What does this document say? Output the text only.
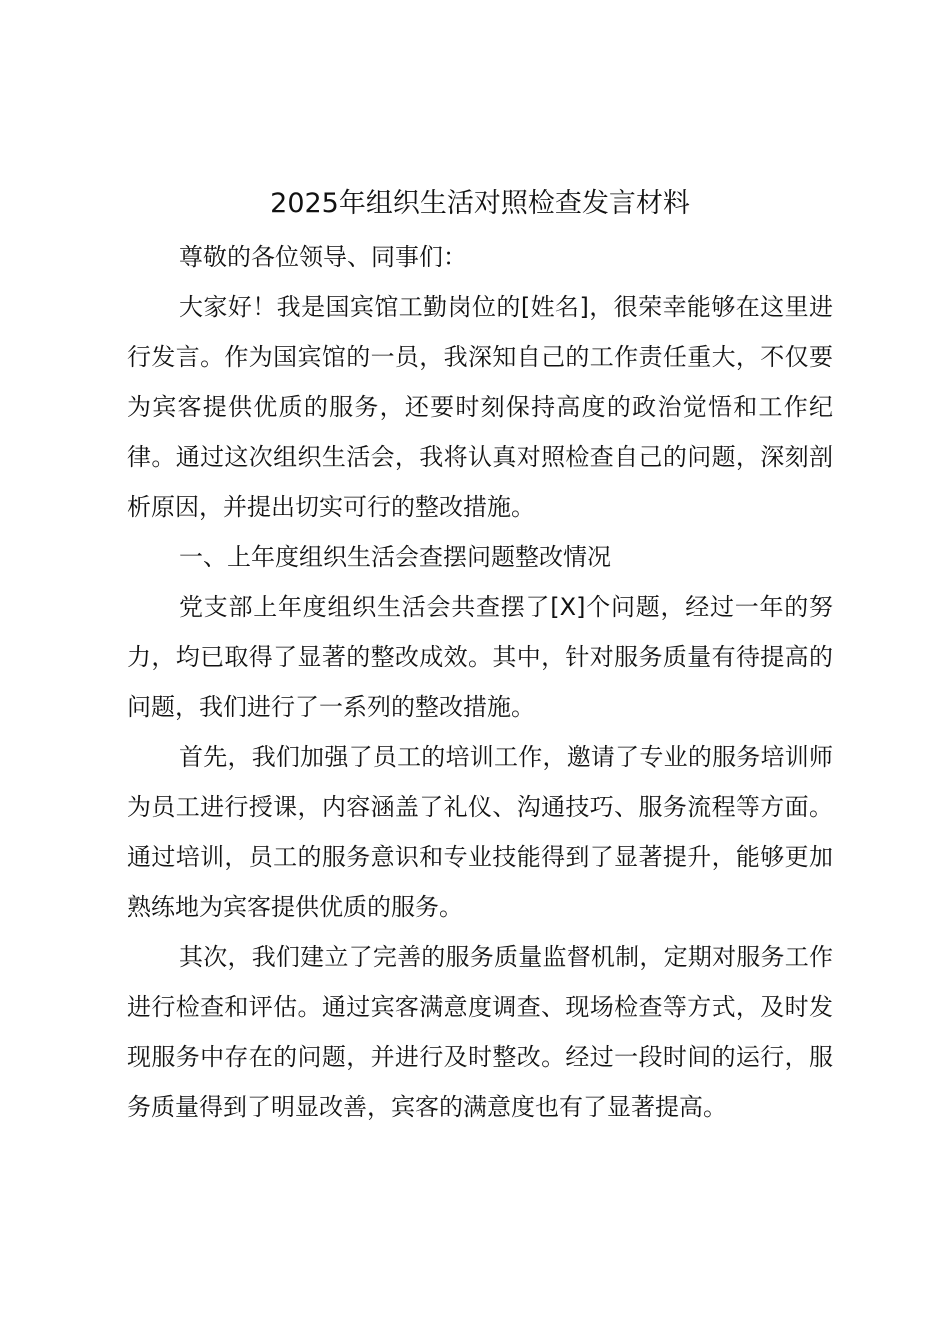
2025年组织生活对照检查发言材料

尊敬的各位领导、同事们：

大家好！我是国宾馆工勤岗位的[姓名]，很荣幸能够在这里进行发言。作为国宾馆的一员，我深知自己的工作责任重大，不仅要为宾客提供优质的服务，还要时刻保持高度的政治觉悟和工作纪律。通过这次组织生活会，我将认真对照检查自己的问题，深刻剖析原因，并提出切实可行的整改措施。

一、上年度组织生活会查摆问题整改情况

党支部上年度组织生活会共查摆了[X]个问题，经过一年的努力，均已取得了显著的整改成效。其中，针对服务质量有待提高的问题，我们进行了一系列的整改措施。

首先，我们加强了员工的培训工作，邀请了专业的服务培训师为员工进行授课，内容涵盖了礼仪、沟通技巧、服务流程等方面。通过培训，员工的服务意识和专业技能得到了显著提升，能够更加熟练地为宾客提供优质的服务。

其次，我们建立了完善的服务质量监督机制，定期对服务工作进行检查和评估。通过宾客满意度调查、现场检查等方式，及时发现服务中存在的问题，并进行及时整改。经过一段时间的运行，服务质量得到了明显改善，宾客的满意度也有了显著提高。
